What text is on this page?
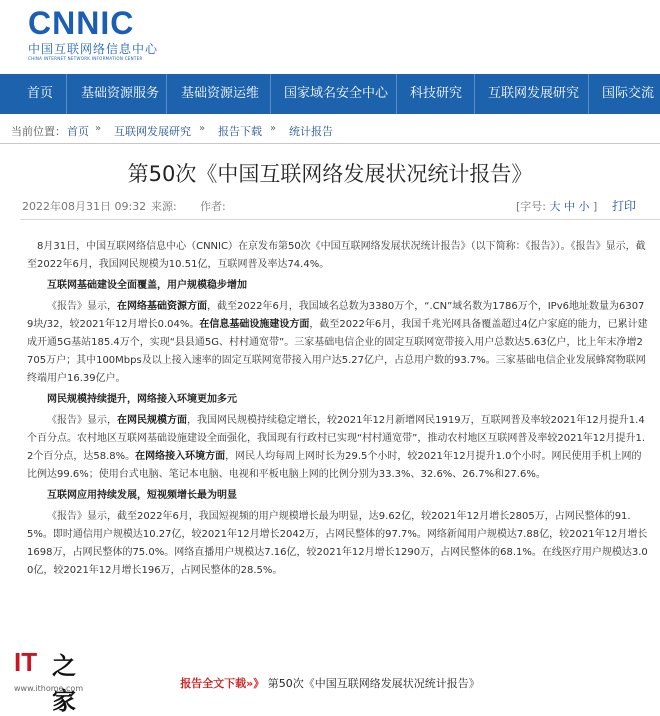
CNNIC
中国互联网络信息中心
CHINA INTERNET NETWORK INFORMATION CENTER
首页 基础资源服务 基础资源运维 国家域名安全中心 科技研究 互联网发展研究 国际交流
当前位置： 首页 » 互联网发展研究 » 报告下载 » 统计报告
第50次《中国互联网络发展状况统计报告》
2022年08月31日 09:32 来源: 作者:	[字号: 大 中 小 ] 打印

8月31日，中国互联网络信息中心（CNNIC）在京发布第50次《中国互联网络发展状况统计报告》（以下简称：《报告》）。《报告》显示，截至2022年6月，我国网民规模为10.51亿，互联网普及率达74.4%。

互联网基础建设全面覆盖，用户规模稳步增加

《报告》显示，在网络基础资源方面，截至2022年6月，我国域名总数为3380万个，“.CN”域名数为1786万个，IPv6地址数量为63079块/32，较2021年12月增长0.04%。在信息基础设施建设方面，截至2022年6月，我国千兆光网具备覆盖超过4亿户家庭的能力，已累计建成开通5G基站185.4万个，实现“县县通5G、村村通宽带”。三家基础电信企业的固定互联网宽带接入用户总数达5.63亿户，比上年末净增2705万户；其中100Mbps及以上接入速率的固定互联网宽带接入用户达5.27亿户，占总用户数的93.7%。三家基础电信企业发展蜂窝物联网终端用户16.39亿户。

网民规模持续提升，网络接入环境更加多元

《报告》显示，在网民规模方面，我国网民规模持续稳定增长，较2021年12月新增网民1919万，互联网普及率较2021年12月提升1.4个百分点。农村地区互联网基础设施建设全面强化，我国现有行政村已实现“村村通宽带”，推动农村地区互联网普及率较2021年12月提升1.2个百分点，达58.8%。在网络接入环境方面，网民人均每周上网时长为29.5个小时，较2021年12月提升1.0个小时。网民使用手机上网的比例达99.6%；使用台式电脑、笔记本电脑、电视和平板电脑上网的比例分别为33.3%、32.6%、26.7%和27.6%。

互联网应用持续发展，短视频增长最为明显

《报告》显示，截至2022年6月，我国短视频的用户规模增长最为明显，达9.62亿，较2021年12月增长2805万，占网民整体的91.5%。即时通信用户规模达10.27亿，较2021年12月增长2042万，占网民整体的97.7%。网络新闻用户规模达7.88亿，较2021年12月增长1698万，占网民整体的75.0%。网络直播用户规模达7.16亿，较2021年12月增长1290万，占网民整体的68.1%。在线医疗用户规模达3.00亿，较2021年12月增长196万，占网民整体的28.5%。

报告全文下载»》 第50次《中国互联网络发展状况统计报告》
IT 之家
www.ithome.com
